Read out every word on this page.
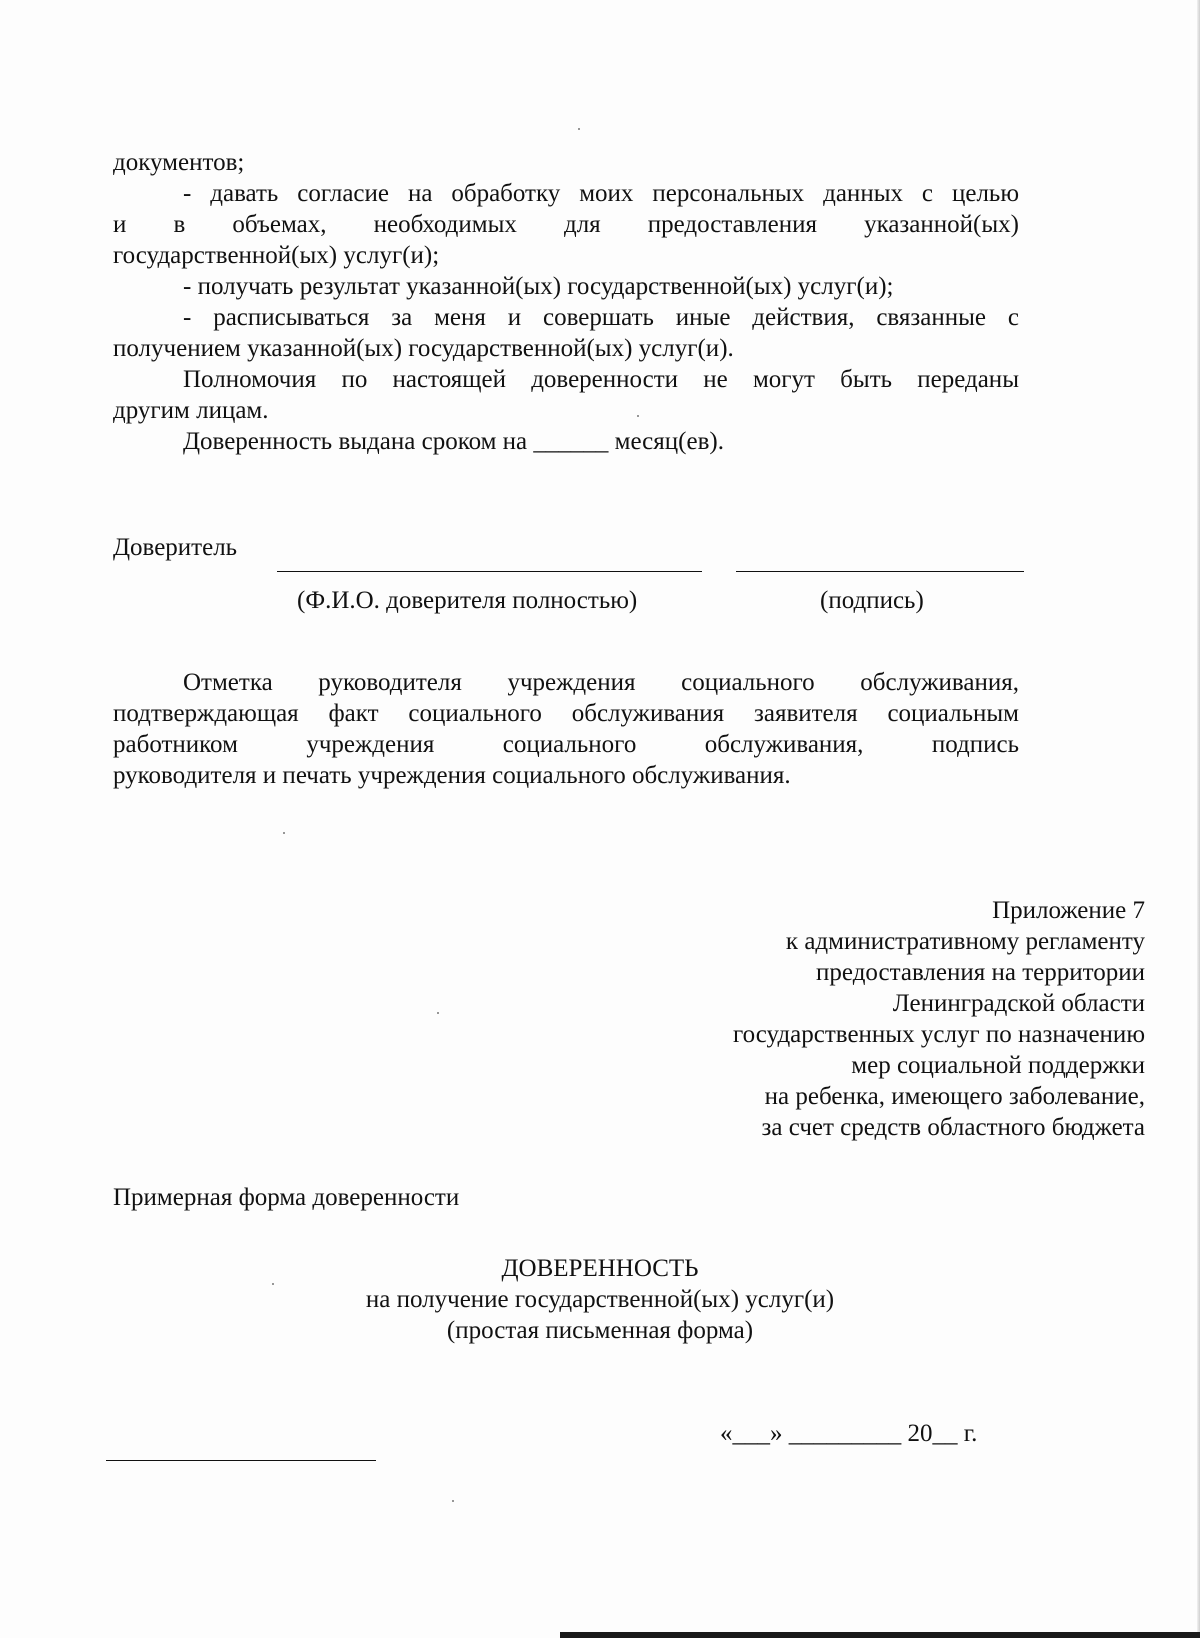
документов;

- давать согласие на обработку моих персональных данных с целью

и в объемах, необходимых для предоставления указанной(ых)

государственной(ых) услуг(и);

- получать результат указанной(ых) государственной(ых) услуг(и);

- расписываться за меня и совершать иные действия, связанные с

получением указанной(ых) государственной(ых) услуг(и).

Полномочия по настоящей доверенности не могут быть переданы

другим лицам.

Доверенность выдана сроком на ______ месяц(ев).

Доверитель

(Ф.И.О. доверителя полностью)	(подпись)

Отметка руководителя учреждения социального обслуживания,

подтверждающая факт социального обслуживания заявителя социальным

работником учреждения социального обслуживания, подпись

руководителя и печать учреждения социального обслуживания.

Приложение 7

к административному регламенту

предоставления на территории

Ленинградской области

государственных услуг по назначению

мер социальной поддержки

на ребенка, имеющего заболевание,

за счет средств областного бюджета

Примерная форма доверенности

ДОВЕРЕННОСТЬ

на получение государственной(ых) услуг(и)

(простая письменная форма)

«___» _________ 20__ г.
